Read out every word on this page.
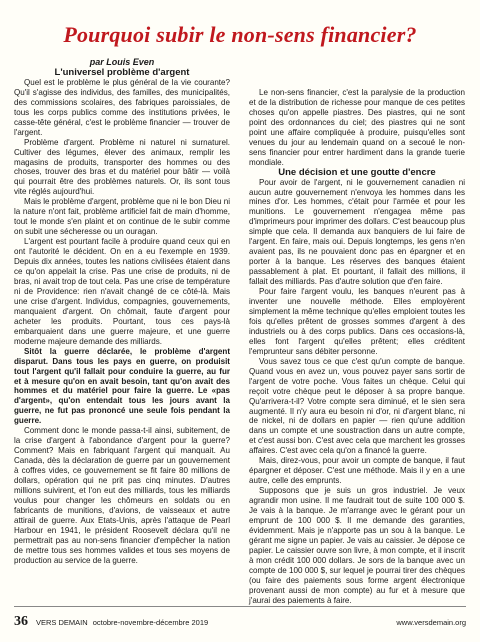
Pourquoi subir le non-sens financier?

par Louis Even

L'universel problème d'argent

Quel est le problème le plus général de la vie courante? Qu'il s'agisse des individus, des familles, des municipalités, des commissions scolaires, des fabriques paroissiales, de tous les corps publics comme des institutions privées, le casse-tête général, c'est le problème financier — trouver de l'argent.

Problème d'argent. Problème ni naturel ni surnaturel. Cultiver des légumes, élever des animaux, remplir les magasins de produits, transporter des hommes ou des choses, trouver des bras et du matériel pour bâtir — voilà qui pourrait être des problèmes naturels. Or, ils sont tous vite réglés aujourd'hui.

Mais le problème d'argent, problème que ni le bon Dieu ni la nature n'ont fait, problème artificiel fait de main d'homme, tout le monde s'en plaint et on continue de le subir comme on subit une sécheresse ou un ouragan.

L'argent est pourtant facile à produire quand ceux qui en ont l'autorité le décident. On en a eu l'exemple en 1939. Depuis dix années, toutes les nations civilisées étaient dans ce qu'on appelait la crise. Pas une crise de produits, ni de bras, ni avait trop de tout cela. Pas une crise de température ni de Providence: rien n'avait changé de ce côté-là. Mais une crise d'argent. Individus, compagnies, gouvernements, manquaient d'argent. On chômait, faute d'argent pour acheter les produits. Pourtant, tous ces pays-là embarquaient dans une guerre majeure, et une guerre moderne majeure demande des milliards.

Sitôt la guerre déclarée, le problème d'argent disparut. Dans tous les pays en guerre, on produisit tout l'argent qu'il fallait pour conduire la guerre, au fur et à mesure qu'on en avait besoin, tant qu'on avait des hommes et du matériel pour faire la guerre. Le «pas d'argent», qu'on entendait tous les jours avant la guerre, ne fut pas prononcé une seule fois pendant la guerre.

Comment donc le monde passa-t-il ainsi, subitement, de la crise d'argent à l'abondance d'argent pour la guerre? Comment? Mais en fabriquant l'argent qui manquait. Au Canada, dès la déclaration de guerre par un gouvernement à coffres vides, ce gouvernement se fit faire 80 millions de dollars, opération qui ne prit pas cinq minutes. D'autres millions suivirent, et l'on eut des milliards, tous les milliards voulus pour changer les chômeurs en soldats ou en fabricants de munitions, d'avions, de vaisseaux et autre attirail de guerre. Aux Etats-Unis, après l'attaque de Pearl Harbour en 1941, le président Roosevelt déclara qu'il ne permettrait pas au non-sens financier d'empêcher la nation de mettre tous ses hommes valides et tous ses moyens de production au service de la guerre.

Le non-sens financier, c'est la paralysie de la production et de la distribution de richesse pour manque de ces petites choses qu'on appelle piastres. Des piastres, qui ne sont point des ordonnances du ciel; des piastres qui ne sont point une affaire compliquée à produire, puisqu'elles sont venues du jour au lendemain quand on a secoué le non-sens financier pour entrer hardiment dans la grande tuerie mondiale.

Une décision et une goutte d'encre

Pour avoir de l'argent, ni le gouvernement canadien ni aucun autre gouvernement n'envoya les hommes dans les mines d'or. Les hommes, c'était pour l'armée et pour les munitions. Le gouvernement n'engagea même pas d'imprimeurs pour imprimer des dollars. C'est beaucoup plus simple que cela. Il demanda aux banquiers de lui faire de l'argent. En faire, mais oui. Depuis longtemps, les gens n'en avaient pas, ils ne pouvaient donc pas en épargner et en porter à la banque. Les réserves des banques étaient passablement à plat. Et pourtant, il fallait des millions, il fallait des milliards. Pas d'autre solution que d'en faire.

Pour faire l'argent voulu, les banques n'eurent pas à inventer une nouvelle méthode. Elles employèrent simplement la même technique qu'elles emploient toutes les fois qu'elles prêtent de grosses sommes d'argent à des industriels ou à des corps publics. Dans ces occasions-là, elles font l'argent qu'elles prêtent; elles créditent l'emprunteur sans débiter personne.

Vous savez tous ce que c'est qu'un compte de banque. Quand vous en avez un, vous pouvez payer sans sortir de l'argent de votre poche. Vous faites un chèque. Celui qui reçoit votre chèque peut le déposer à sa propre banque. Qu'arrivera-t-il? Votre compte sera diminué, et le sien sera augmenté. Il n'y aura eu besoin ni d'or, ni d'argent blanc, ni de nickel, ni de dollars en papier — rien qu'une addition dans un compte et une soustraction dans un autre compte, et c'est aussi bon. C'est avec cela que marchent les grosses affaires. C'est avec cela qu'on a financé la guerre.

Mais, direz-vous, pour avoir un compte de banque, il faut épargner et déposer. C'est une méthode. Mais il y en a une autre, celle des emprunts.

Supposons que je suis un gros industriel. Je veux agrandir mon usine. Il me faudrait tout de suite 100 000 $. Je vais à la banque. Je m'arrange avec le gérant pour un emprunt de 100 000 $. Il me demande des garanties, évidemment. Mais je n'apporte pas un sou à la banque. Le gérant me signe un papier. Je vais au caissier. Je dépose ce papier. Le caissier ouvre son livre, à mon compte, et il inscrit à mon crédit 100 000 dollars. Je sors de la banque avec un compte de 100 000 $, sur lequel je pourrai tirer des chèques (ou faire des paiements sous forme argent électronique provenant aussi de mon compte) au fur et à mesure que j'aurai des paiements à faire.

36 VERS DEMAIN octobre-novembre-décembre 2019	www.versdemain.org
